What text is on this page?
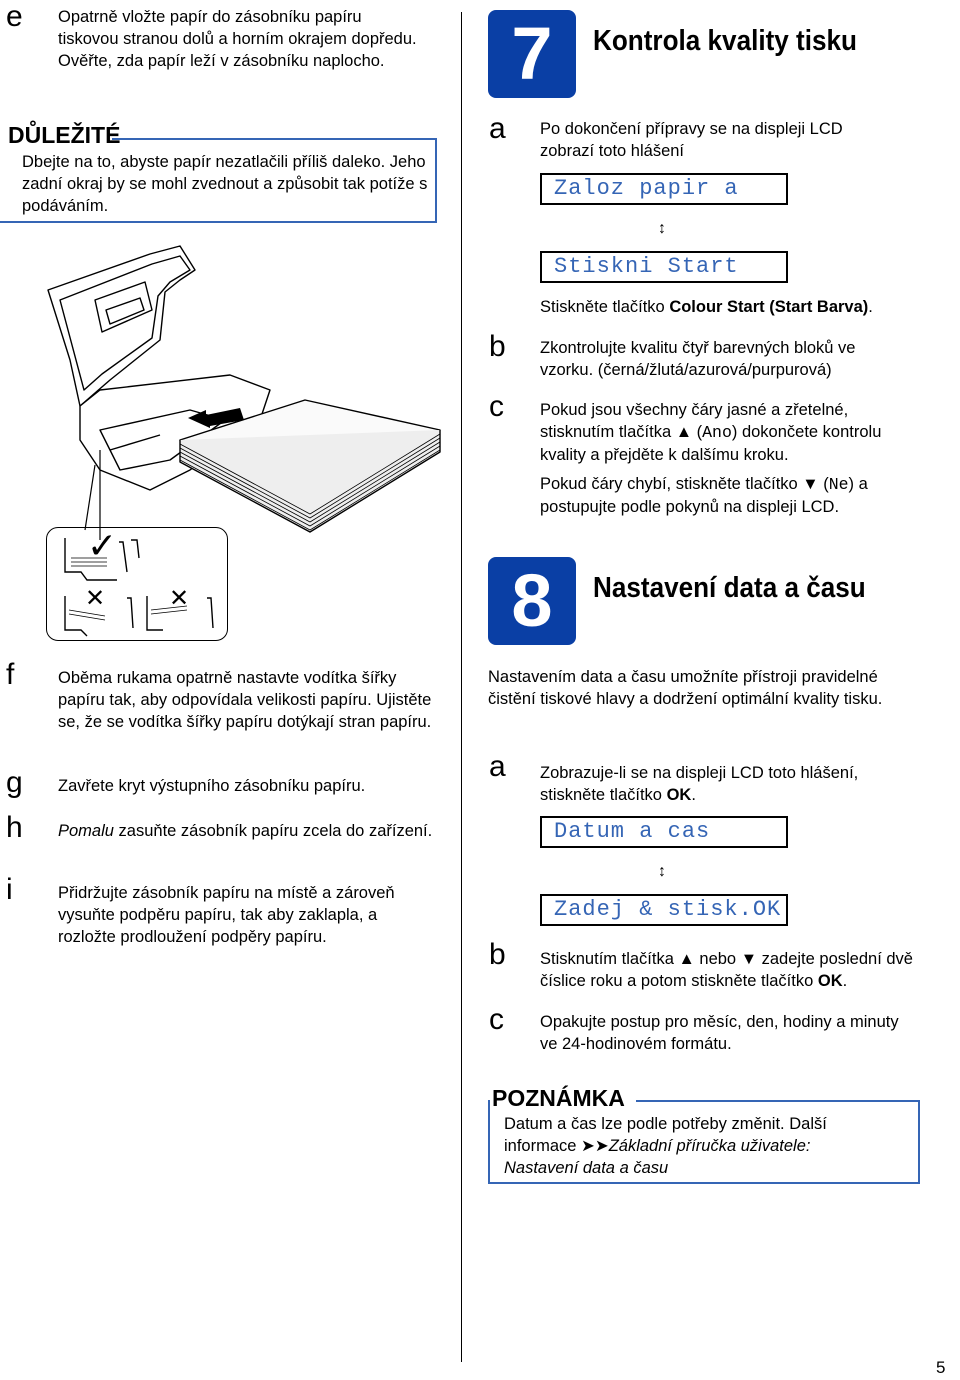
e Opatrně vložte papír do zásobníku papíru tiskovou stranou dolů a horním okrajem dopředu. Ověřte, zda papír leží v zásobníku naplocho.
DŮLEŽITÉ
Dbejte na to, abyste papír nezatlačili příliš daleko. Jeho zadní okraj by se mohl zvednout a způsobit tak potíže s podáváním.
✓
✕	✕
f	Oběma rukama opatrně nastavte vodítka šířky papíru tak, aby odpovídala velikosti papíru. Ujistěte se, že se vodítka šířky papíru dotýkají stran papíru.
g Zavřete kryt výstupního zásobníku papíru.
h Pomalu zasuňte zásobník papíru zcela do zařízení.
i	Přidržujte zásobník papíru na místě a zároveň vysuňte podpěru papíru, tak aby zaklapla, a rozložte prodloužení podpěry papíru.
7	Kontrola kvality tisku
a Po dokončení přípravy se na displeji LCD zobrazí toto hlášení
Zaloz papir a
↕
Stiskni Start
Stiskněte tlačítko Colour Start (Start Barva).
b Zkontrolujte kvalitu čtyř barevných bloků ve vzorku. (černá/žlutá/azurová/purpurová)
c Pokud jsou všechny čáry jasné a zřetelné, stisknutím tlačítka ▲ (Ano) dokončete kontrolu kvality a přejděte k dalšímu kroku.
Pokud čáry chybí, stiskněte tlačítko ▼ (Ne) a postupujte podle pokynů na displeji LCD.
8	Nastavení data a času
Nastavením data a času umožníte přístroji pravidelné čistění tiskové hlavy a dodržení optimální kvality tisku.
a Zobrazuje-li se na displeji LCD toto hlášení, stiskněte tlačítko OK.
Datum a cas
↕
Zadej & stisk.OK
b Stisknutím tlačítka ▲ nebo ▼ zadejte poslední dvě číslice roku a potom stiskněte tlačítko OK.
c Opakujte postup pro měsíc, den, hodiny a minuty ve 24-hodinovém formátu.
POZNÁMKA
Datum a čas lze podle potřeby změnit. Další informace ➤➤Základní příručka uživatele: Nastavení data a času
5
